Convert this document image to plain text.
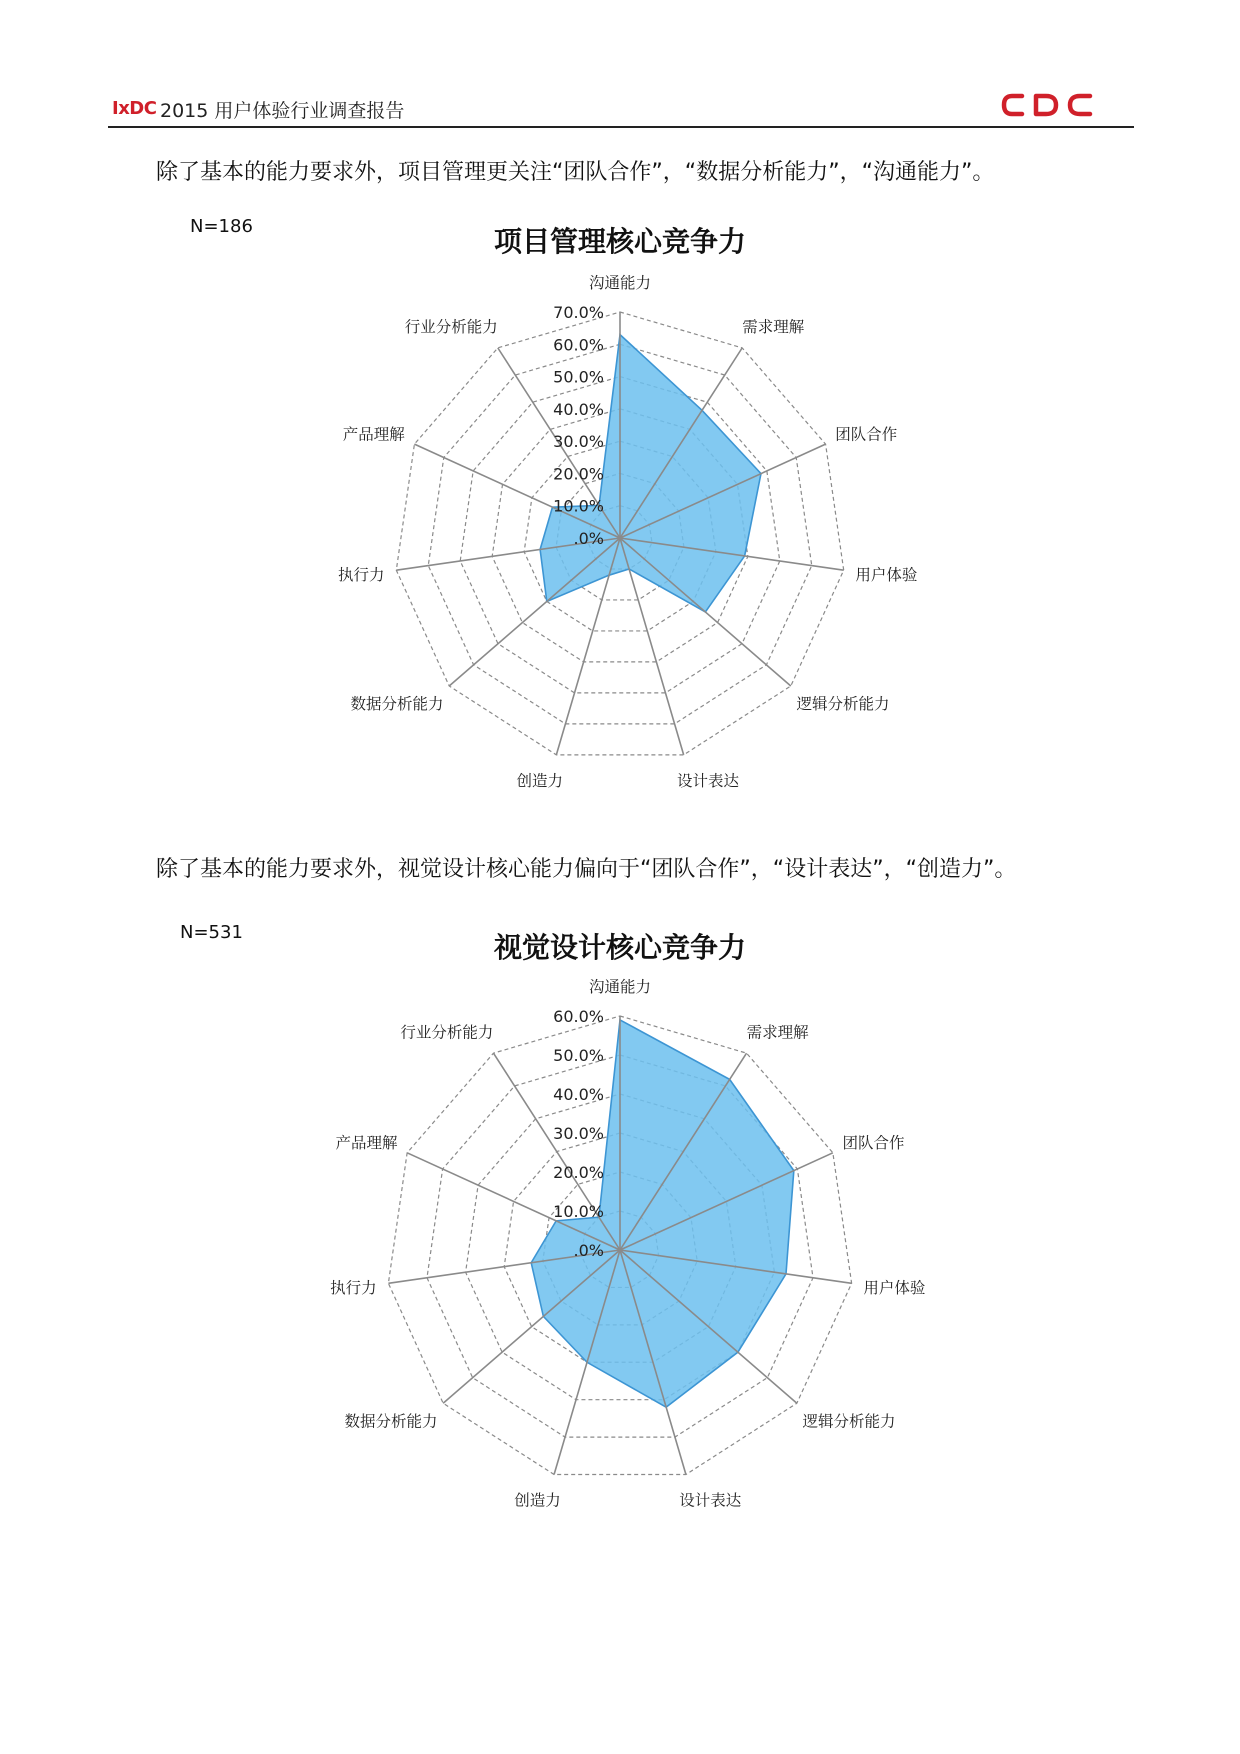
IxDC 2015 用户体验行业调查报告
除了基本的能力要求外，项目管理更关注“团队合作”，“数据分析能力”，“沟通能力”。
N=186	项目管理核心竞争力
.0%
10.0%
20.0%
30.0%
40.0%
50.0%
60.0%
70.0%
沟通能力
需求理解
团队合作
用户体验
逻辑分析能力
设计表达
创造力
数据分析能力
执行力
产品理解
行业分析能力
除了基本的能力要求外，视觉设计核心能力偏向于“团队合作”，“设计表达”，“创造力”。
N=531	视觉设计核心竞争力
.0%
10.0%
20.0%
30.0%
40.0%
50.0%
60.0%
沟通能力
需求理解
团队合作
用户体验
逻辑分析能力
设计表达
创造力
数据分析能力
执行力
产品理解
行业分析能力
